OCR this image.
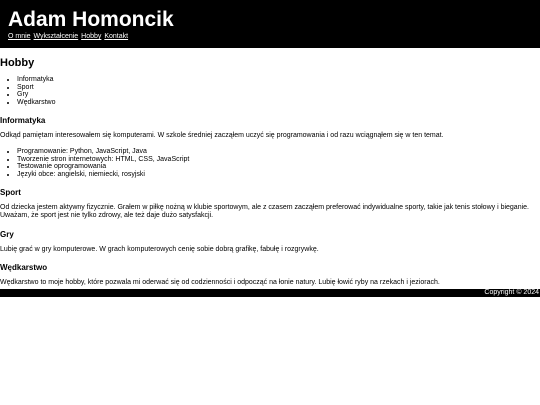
Adam Homoncik
O mnie Wykształcenie Hobby Kontakt
Hobby
• Informatyka
• Sport
• Gry
• Wędkarstwo
Informatyka

Odkąd pamiętam interesowałem się komputerami. W szkole średniej zacząłem uczyć się programowania i od razu wciągnąłem się w ten temat.

• Programowanie: Python, JavaScript, Java
• Tworzenie stron internetowych: HTML, CSS, JavaScript
• Testowanie oprogramowania
• Języki obce: angielski, niemiecki, rosyjski
Sport

Od dziecka jestem aktywny fizycznie. Grałem w piłkę nożną w klubie sportowym, ale z czasem zacząłem preferować indywidualne sporty, takie jak tenis stołowy i bieganie. Uważam, że sport jest nie tylko zdrowy, ale też daje dużo satysfakcji.

Gry

Lubię grać w gry komputerowe. W grach komputerowych cenię sobie dobrą grafikę, fabułę i rozgrywkę.

Wędkarstwo

Wędkarstwo to moje hobby, które pozwala mi oderwać się od codzienności i odpocząć na łonie natury. Lubię łowić ryby na rzekach i jeziorach.

Copyright © 2024
